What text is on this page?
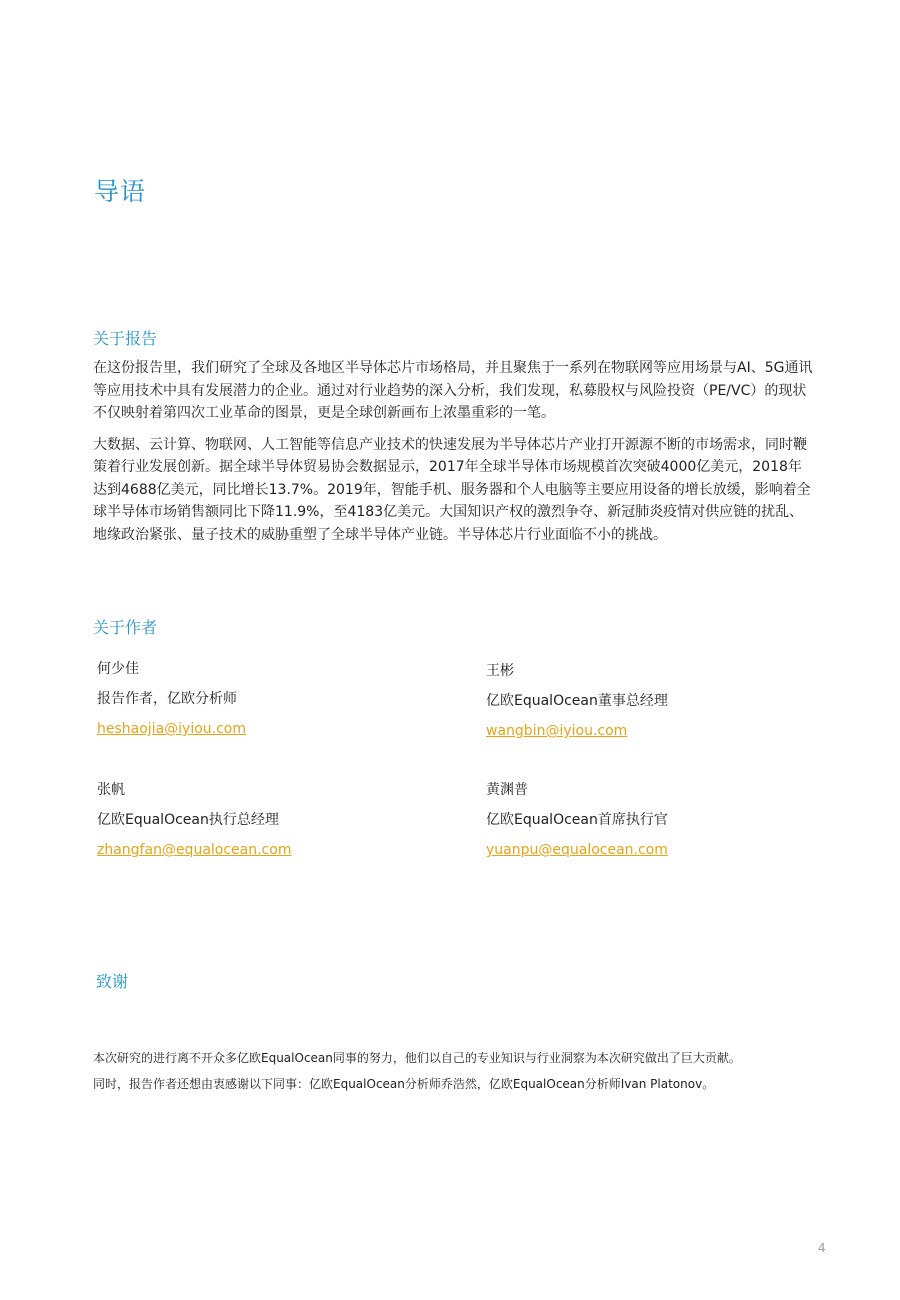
导语
关于报告

在这份报告里，我们研究了全球及各地区半导体芯片市场格局，并且聚焦于一系列在物联网等应用场景与AI、5G通讯等应用技术中具有发展潜力的企业。通过对行业趋势的深入分析，我们发现，私募股权与风险投资（PE/VC）的现状不仅映射着第四次工业革命的图景，更是全球创新画布上浓墨重彩的一笔。

大数据、云计算、物联网、人工智能等信息产业技术的快速发展为半导体芯片产业打开源源不断的市场需求，同时鞭策着行业发展创新。据全球半导体贸易协会数据显示，2017年全球半导体市场规模首次突破4000亿美元，2018年达到4688亿美元，同比增长13.7%。2019年，智能手机、服务器和个人电脑等主要应用设备的增长放缓，影响着全球半导体市场销售额同比下降11.9%，至4183亿美元。大国知识产权的激烈争夺、新冠肺炎疫情对供应链的扰乱、地缘政治紧张、量子技术的威胁重塑了全球半导体产业链。半导体芯片行业面临不小的挑战。

关于作者
何少佳
报告作者，亿欧分析师
heshaojia@iyiou.com
王彬
亿欧EqualOcean董事总经理
wangbin@iyiou.com
张帆
亿欧EqualOcean执行总经理
zhangfan@equalocean.com
黄渊普
亿欧EqualOcean首席执行官
yuanpu@equalocean.com
致谢
本次研究的进行离不开众多亿欧EqualOcean同事的努力，他们以自己的专业知识与行业洞察为本次研究做出了巨大贡献。
同时，报告作者还想由衷感谢以下同事：亿欧EqualOcean分析师乔浩然，亿欧EqualOcean分析师Ivan Platonov。
4
